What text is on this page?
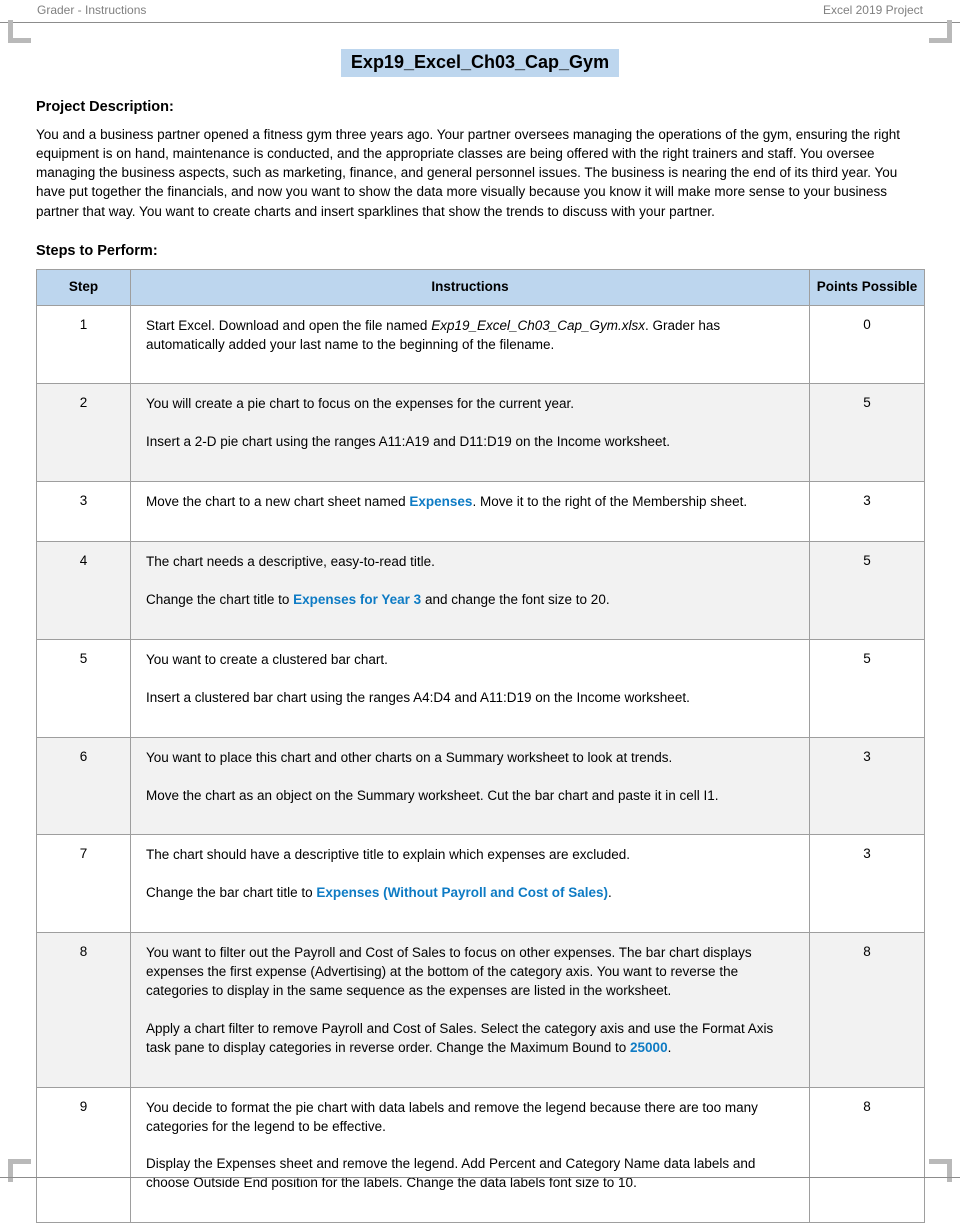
Grader - Instructions	Excel 2019 Project
Exp19_Excel_Ch03_Cap_Gym
Project Description:

You and a business partner opened a fitness gym three years ago. Your partner oversees managing the operations of the gym, ensuring the right equipment is on hand, maintenance is conducted, and the appropriate classes are being offered with the right trainers and staff. You oversee managing the business aspects, such as marketing, finance, and general personnel issues. The business is nearing the end of its third year. You have put together the financials, and now you want to show the data more visually because you know it will make more sense to your business partner that way. You want to create charts and insert sparklines that show the trends to discuss with your partner.

Steps to Perform:
Step	Instructions	Points Possible
1	Start Excel. Download and open the file named Exp19_Excel_Ch03_Cap_Gym.xlsx. Grader has automatically added your last name to the beginning of the filename.	0
2	You will create a pie chart to focus on the expenses for the current year.

Insert a 2-D pie chart using the ranges A11:A19 and D11:D19 on the Income worksheet.	5
3	Move the chart to a new chart sheet named Expenses. Move it to the right of the Membership sheet.	3
4	The chart needs a descriptive, easy-to-read title.

Change the chart title to Expenses for Year 3 and change the font size to 20.	5
5	You want to create a clustered bar chart.

Insert a clustered bar chart using the ranges A4:D4 and A11:D19 on the Income worksheet.	5
6	You want to place this chart and other charts on a Summary worksheet to look at trends.

Move the chart as an object on the Summary worksheet. Cut the bar chart and paste it in cell I1.	3
7	The chart should have a descriptive title to explain which expenses are excluded.

Change the bar chart title to Expenses (Without Payroll and Cost of Sales).	3
8	You want to filter out the Payroll and Cost of Sales to focus on other expenses. The bar chart displays expenses the first expense (Advertising) at the bottom of the category axis. You want to reverse the categories to display in the same sequence as the expenses are listed in the worksheet.

Apply a chart filter to remove Payroll and Cost of Sales. Select the category axis and use the Format Axis task pane to display categories in reverse order. Change the Maximum Bound to 25000.	8
9	You decide to format the pie chart with data labels and remove the legend because there are too many categories for the legend to be effective.

Display the Expenses sheet and remove the legend. Add Percent and Category Name data labels and choose Outside End position for the labels. Change the data labels font size to 10.	8
